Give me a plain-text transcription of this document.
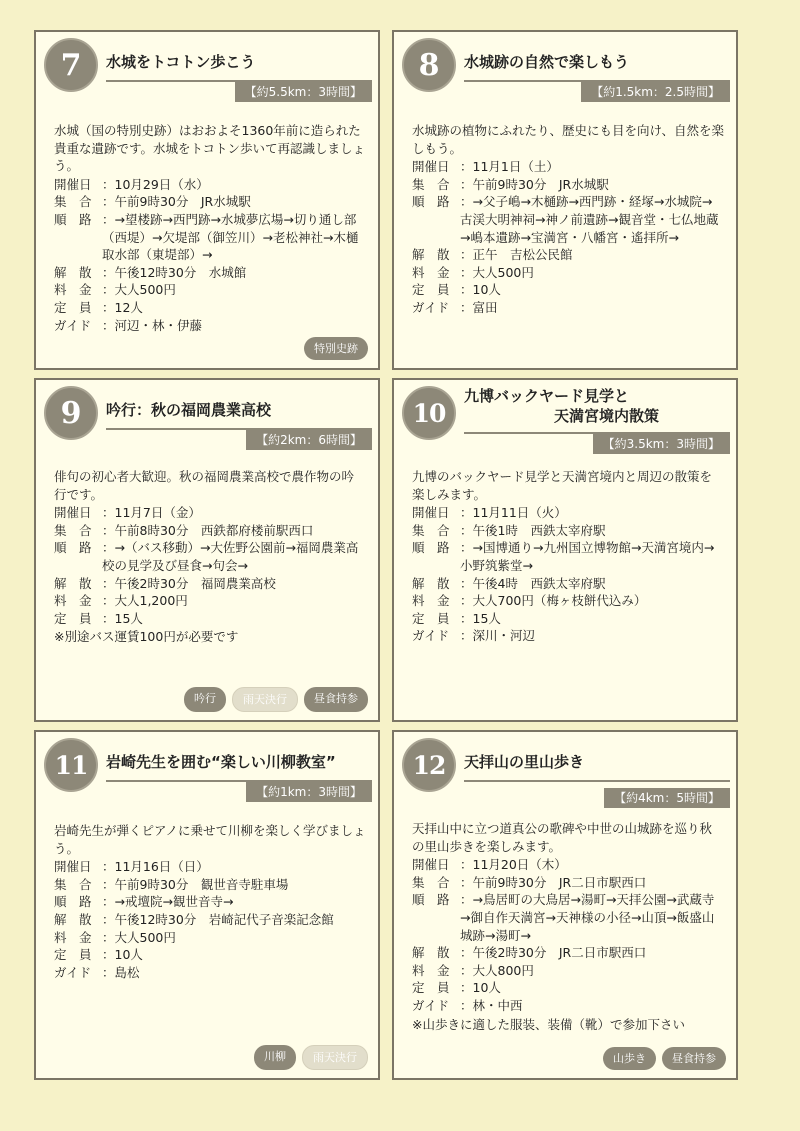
7	水城をトコトン歩こう
【約5.5km：3時間】
水城（国の特別史跡）はおおよそ1360年前に造られた貴重な遺跡です。水城をトコトン歩いて再認識しましょう。
開催日 ：10月29日（水）
集　合 ：午前9時30分　JR水城駅
順　路 ：→望楼跡→西門跡→水城夢広場→切り通し部（西堤）→欠堤部（御笠川）→老松神社→木樋取水部（東堤部）→
解　散 ：午後12時30分　水城館
料　金 ：大人500円
定　員 ：12人
ガイド ：河辺・林・伊藤
特別史跡
8	水城跡の自然で楽しもう
【約1.5km：2.5時間】
水城跡の植物にふれたり、歴史にも目を向け、自然を楽しもう。
開催日 ：11月1日（土）
集　合 ：午前9時30分　JR水城駅
順　路 ：→父子嶋→木樋跡→西門跡・経塚→水城院→古渓大明神祠→神ノ前遺跡→観音堂・七仏地蔵→嶋本遺跡→宝満宮・八幡宮・遙拝所→
解　散 ：正午　吉松公民館
料　金 ：大人500円
定　員 ：10人
ガイド ：富田
9	吟行：秋の福岡農業高校
【約2km：6時間】
俳句の初心者大歓迎。秋の福岡農業高校で農作物の吟行です。
開催日 ：11月7日（金）
集　合 ：午前8時30分　西鉄都府楼前駅西口
順　路 ：→（バス移動）→大佐野公園前→福岡農業高校の見学及び昼食→句会→
解　散 ：午後2時30分　福岡農業高校
料　金 ：大人1,200円
定　員 ：15人
※別途バス運賃100円が必要です
吟行	雨天決行	昼食持参
10
九博バックヤード見学と
天満宮境内散策
【約3.5km：3時間】
九博のバックヤード見学と天満宮境内と周辺の散策を楽しみます。
開催日 ：11月11日（火）
集　合 ：午後1時　西鉄太宰府駅
順　路 ：→国博通り→九州国立博物館→天満宮境内→小野筑紫堂→
解　散 ：午後4時　西鉄太宰府駅
料　金 ：大人700円（梅ヶ枝餅代込み）
定　員 ：15人
ガイド ：深川・河辺
11	岩崎先生を囲む“楽しい川柳教室”
【約1km：3時間】
岩崎先生が弾くピアノに乗せて川柳を楽しく学びましょう。
開催日 ：11月16日（日）
集　合 ：午前9時30分　観世音寺駐車場
順　路 ：→戒壇院→観世音寺→
解　散 ：午後12時30分　岩崎記代子音楽記念館
料　金 ：大人500円
定　員 ：10人
ガイド ：島松
川柳	雨天決行
12	天拝山の里山歩き
【約4km：5時間】
天拝山中に立つ道真公の歌碑や中世の山城跡を巡り秋の里山歩きを楽しみます。
開催日 ：11月20日（木）
集　合 ：午前9時30分　JR二日市駅西口
順　路 ：→鳥居町の大鳥居→湯町→天拝公園→武蔵寺→御自作天満宮→天神様の小径→山頂→飯盛山城跡→湯町→
解　散 ：午後2時30分　JR二日市駅西口
料　金 ：大人800円
定　員 ：10人
ガイド ：林・中西
※山歩きに適した服装、装備（靴）で参加下さい
山歩き	昼食持参
